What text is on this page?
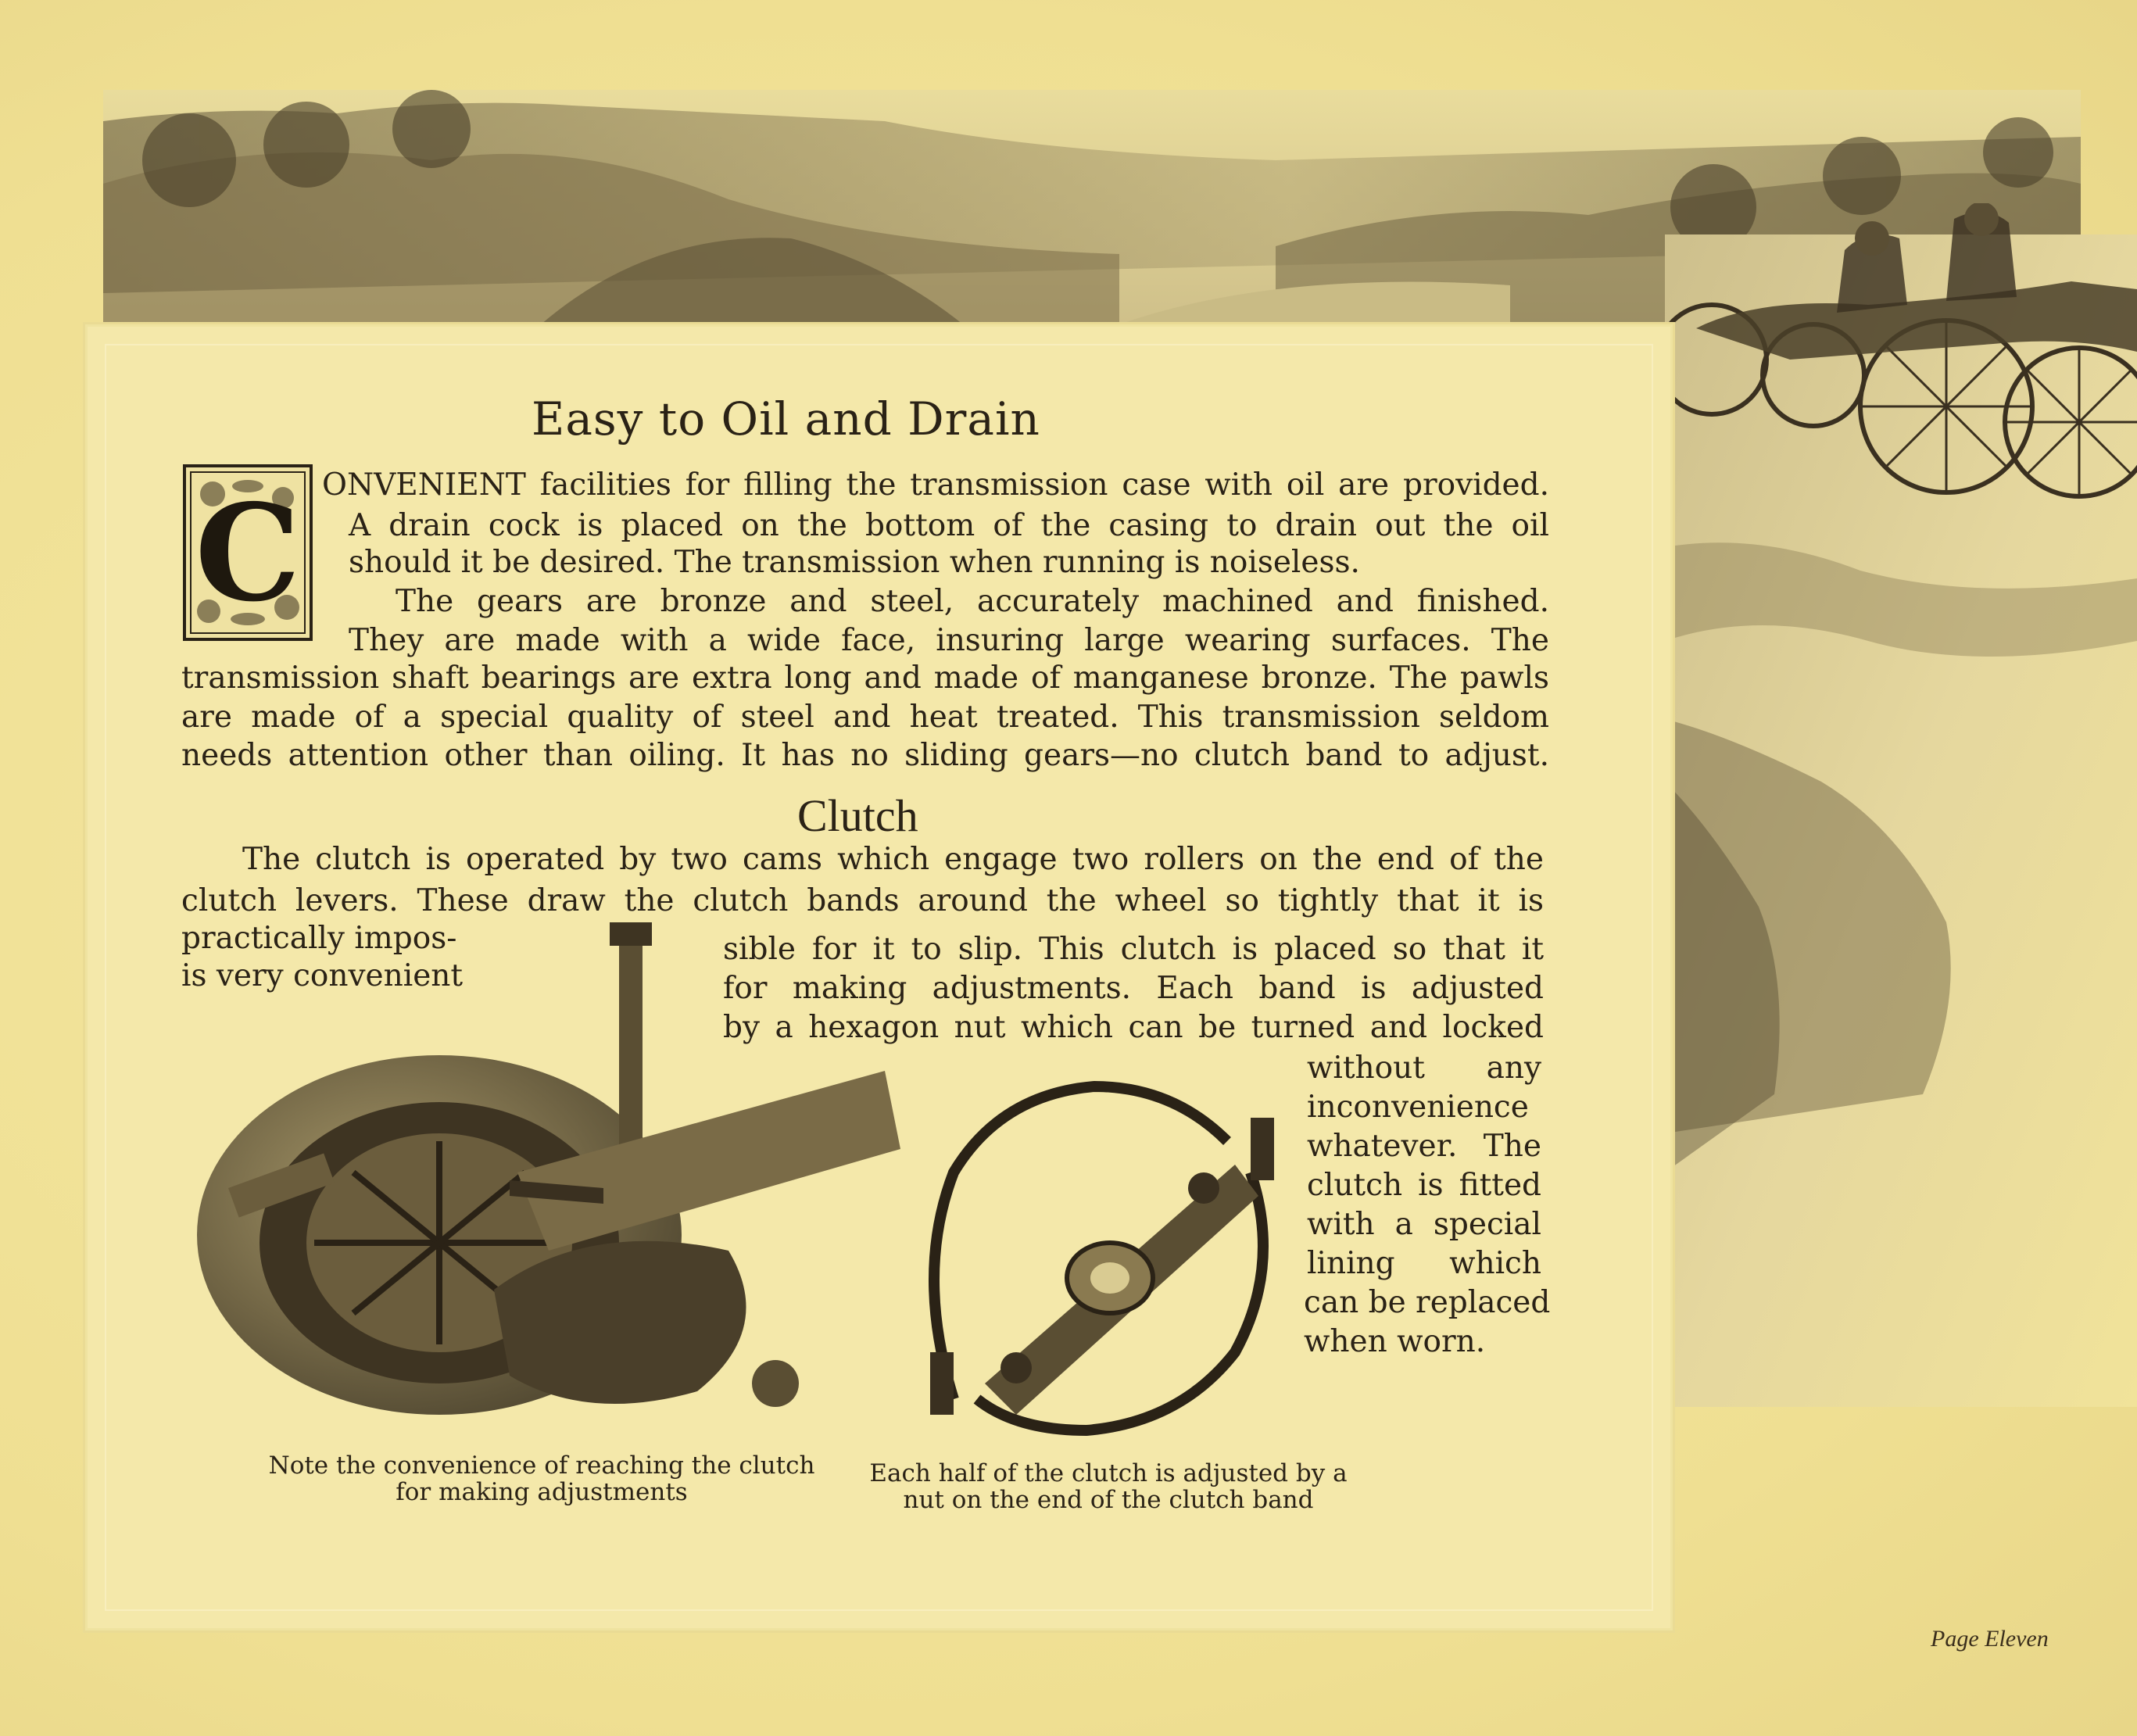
Easy to Oil and Drain
C ONVENIENT facilities for filling the transmission case with oil are provided.
A drain cock is placed on the bottom of the casing to drain out the oil
should it be desired. The transmission when running is noiseless.
The gears are bronze and steel, accurately machined and finished.
They are made with a wide face, insuring large wearing surfaces. The
transmission shaft bearings are extra long and made of manganese bronze. The pawls
are made of a special quality of steel and heat treated. This transmission seldom
needs attention other than oiling. It has no sliding gears—no clutch band to adjust.
Clutch
The clutch is operated by two cams which engage two rollers on the end of the
clutch levers. These draw the clutch bands around the wheel so tightly that it is
practically impos-
is very convenient
sible for it to slip. This clutch is placed so that it
for making adjustments. Each band is adjusted
by a hexagon nut which can be turned and locked
without any
inconvenience
whatever. The
clutch is fitted
with a special
lining which
can be replaced
when worn.
Note the convenience of reaching the clutch
for making adjustments
Each half of the clutch is adjusted by a
nut on the end of the clutch band
Page Eleven
